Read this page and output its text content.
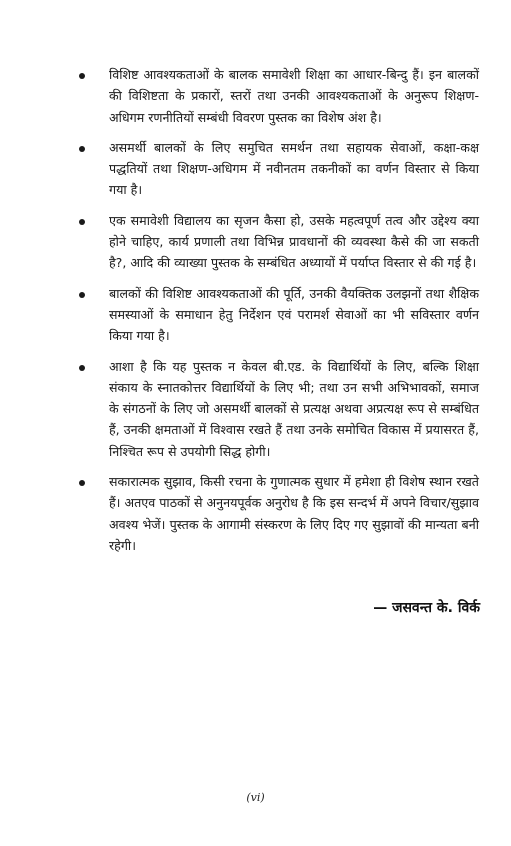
विशिष्ट आवश्यकताओं के बालक समावेशी शिक्षा का आधार-बिन्दु हैं। इन बालकों की विशिष्टता के प्रकारों, स्तरों तथा उनकी आवश्यकताओं के अनुरूप शिक्षण-अधिगम रणनीतियों सम्बंधी विवरण पुस्तक का विशेष अंश है।
असमर्थी बालकों के लिए समुचित समर्थन तथा सहायक सेवाओं, कक्षा-कक्ष पद्धतियों तथा शिक्षण-अधिगम में नवीनतम तकनीकों का वर्णन विस्तार से किया गया है।
एक समावेशी विद्यालय का सृजन कैसा हो, उसके महत्वपूर्ण तत्व और उद्देश्य क्या होने चाहिए, कार्य प्रणाली तथा विभिन्न प्रावधानों की व्यवस्था कैसे की जा सकती है?, आदि की व्याख्या पुस्तक के सम्बंधित अध्यायों में पर्याप्त विस्तार से की गई है।
बालकों की विशिष्ट आवश्यकताओं की पूर्ति, उनकी वैयक्तिक उलझनों तथा शैक्षिक समस्याओं के समाधान हेतु निर्देशन एवं परामर्श सेवाओं का भी सविस्तार वर्णन किया गया है।
आशा है कि यह पुस्तक न केवल बी.एड. के विद्यार्थियों के लिए, बल्कि शिक्षा संकाय के स्नातकोत्तर विद्यार्थियों के लिए भी; तथा उन सभी अभिभावकों, समाज के संगठनों के लिए जो असमर्थी बालकों से प्रत्यक्ष अथवा अप्रत्यक्ष रूप से सम्बंधित हैं, उनकी क्षमताओं में विश्वास रखते हैं तथा उनके समोचित विकास में प्रयासरत हैं, निश्चित रूप से उपयोगी सिद्ध होगी।
सकारात्मक सुझाव, किसी रचना के गुणात्मक सुधार में हमेशा ही विशेष स्थान रखते हैं। अतएव पाठकों से अनुनयपूर्वक अनुरोध है कि इस सन्दर्भ में अपने विचार/सुझाव अवश्य भेजें। पुस्तक के आगामी संस्करण के लिए दिए गए सुझावों की मान्यता बनी रहेगी।
— जसवन्त के. विर्क
(vi)
